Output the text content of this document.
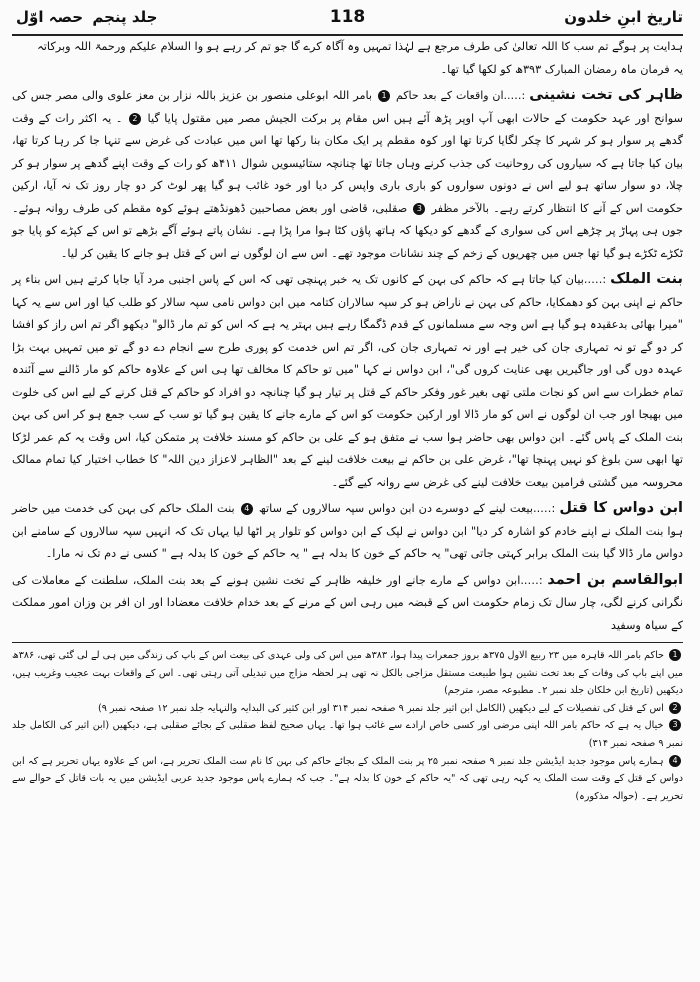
تاریخ ابنِ خلدون
118
جلد پنجم حصہ اوّل

ہدایت پر ہوگے تم سب کا اللہ تعالیٰ کی طرف مرجع ہے لہٰذا تمہیں وہ آگاہ کرے گا جو تم کر رہے ہو وا السلام علیکم ورحمۃ اللہ وبرکاتہ
یہ فرمان ماہ رمضان المبارک ۳۹۳ھ کو لکھا گیا تھا۔

ظاہر کی تخت نشینی :…..ان واقعات کے بعد حاکم 1 بامر اللہ ابوعلی منصور بن عزیز باللہ نزار بن معز علوی والی مصر جس کی سوانح اور عہد حکومت کے حالات ابھی آپ اوپر پڑھ آئے ہیں اس مقام پر برکت الجیش مصر میں مقتول پایا گیا 2 ۔ یہ اکثر رات کے وقت گدھے پر سوار ہو کر شہر کا چکر لگایا کرتا تھا اور کوہ مقطم پر ایک مکان بنا رکھا تھا اس میں عبادت کی غرض سے تنہا جا کر رہا کرتا تھا، بیان کیا جاتا ہے کہ سیاروں کی روحانیت کی جذب کرنے وہاں جاتا تھا چنانچہ ستائیسویں شوال ۴۱۱ھ کو رات کے وقت اپنے گدھے پر سوار ہو کر چلا، دو سوار ساتھ ہو لیے اس نے دونوں سواروں کو باری باری واپس کر دیا اور خود غائب ہو گیا پھر لوٹ کر دو چار روز تک نہ آیا، ارکین حکومت اس کے آنے کا انتظار کرتے رہے۔ بالآخر مظفر 3 صقلبی، قاضی اور بعض مصاحبین ڈھونڈھتے ہوئے کوہ مقطم کی طرف روانہ ہوئے۔ جوں ہی پہاڑ پر چڑھے اس کی سواری کے گدھے کو دیکھا کہ ہاتھ پاؤں کٹا ہوا مرا پڑا ہے۔ نشان پاتے ہوئے آگے بڑھے تو اس کے کپڑے کو پایا جو ٹکڑے ٹکڑے ہو گیا تھا جس میں چھریوں کے زخم کے چند نشانات موجود تھے۔ اس سے ان لوگوں نے اس کے قتل ہو جانے کا یقین کر لیا۔

بنت الملک :…..بیان کیا جاتا ہے کہ حاکم کی بہن کے کانوں تک یہ خبر پہنچی تھی کہ اس کے پاس اجنبی مرد آیا جایا کرتے ہیں اس بناء پر حاکم نے اپنی بہن کو دھمکایا، حاکم کی بہن نے ناراض ہو کر سپہ سالاران کتامہ میں ابن دواس نامی سپہ سالار کو طلب کیا اور اس سے یہ کہا "میرا بھائی بدعقیدہ ہو گیا ہے اس وجہ سے مسلمانوں کے قدم ڈگمگا رہے ہیں بہتر یہ ہے کہ اس کو تم مار ڈالو" دیکھو اگر تم اس راز کو افشا کر دو گے تو نہ تمہاری جان کی خیر ہے اور نہ تمہاری جان کی، اگر تم اس خدمت کو پوری طرح سے انجام دے دو گے تو میں تمہیں بہت بڑا عہدہ دوں گی اور جاگیریں بھی عنایت کروں گی"، ابن دواس نے کہا "میں تو حاکم کا مخالف تھا ہی اس کے علاوہ حاکم کو مار ڈالنے سے آئندہ تمام خطرات سے اس کو نجات ملتی تھی بغیر غور وفکر حاکم کے قتل پر تیار ہو گیا چنانچہ دو افراد کو حاکم کے قتل کرنے کے لیے اس کی خلوت میں بھیجا اور جب ان لوگوں نے اس کو مار ڈالا اور ارکین حکومت کو اس کے مارے جانے کا یقین ہو گیا تو سب کے سب جمع ہو کر اس کی بہن بنت الملک کے پاس گئے۔ ابن دواس بھی حاضر ہوا سب نے متفق ہو کے علی بن حاکم کو مسند خلافت پر متمکن کیا، اس وقت یہ کم عمر لڑکا تھا ابھی سن بلوغ کو نہیں پہنچا تھا"، غرض علی بن حاکم نے بیعت خلافت لینے کے بعد "الظاہر لاعزاز دین اللہ" کا خطاب اختیار کیا تمام ممالک محروسہ میں گشتی فرامین بیعت خلافت لینے کی غرض سے روانہ کیے گئے۔

ابن دواس کا قتل :…..بیعت لینے کے دوسرے دن ابن دواس سپہ سالاروں کے ساتھ 4 بنت الملک حاکم کی بہن کی خدمت میں حاضر ہوا بنت الملک نے اپنے خادم کو اشارہ کر دیا" ابن دواس نے لپک کے ابن دواس کو تلوار پر اٹھا لیا یہاں تک کہ انہیں سپہ سالاروں کے سامنے ابن دواس مار ڈالا گیا بنت الملک برابر کہتی جاتی تھی" یہ حاکم کے خون کا بدلہ ہے " یہ حاکم کے خون کا بدلہ ہے " کسی نے دم تک نہ مارا۔

ابوالقاسم بن احمد :…..ابن دواس کے مارے جانے اور خلیفہ ظاہر کے تخت نشین ہونے کے بعد بنت الملک، سلطنت کے معاملات کی نگرانی کرنے لگی، چار سال تک زمام حکومت اس کے قبضہ میں رہی اس کے مرنے کے بعد خدام خلافت معضادا اور ان افر بن وزان امور مملکت کے سیاہ وسفید

1 حاکم بامر اللہ قاہرہ میں ۲۳ ربیع الاول ۳۷۵ھ بروز جمعرات پیدا ہوا، ۳۸۳ھ میں اس کی ولی عہدی کی بیعت اس کے باپ کی زندگی میں ہی لے لی گئی تھی، ۳۸۶ھ میں اپنے باپ کی وفات کے بعد تخت نشین ہوا طبیعت مستقل مزاجی بالکل نہ تھی ہر لحظہ مزاج میں تبدیلی آتی رہتی تھی۔ اس کے واقعات بہت عجیب وغریب ہیں، دیکھیں (تاریخ ابن خلکان جلد نمبر ۲۔ مطبوعہ مصر، مترجم)

2 اس کے قتل کی تفصیلات کے لیے دیکھیں (الکامل ابن اثیر جلد نمبر ۹ صفحہ نمبر ۳۱۴ اور ابن کثیر کی البدایہ والنہایہ جلد نمبر ۱۲ صفحہ نمبر ۹)

3 خیال یہ ہے کہ حاکم بامر اللہ اپنی مرضی اور کسی خاص ارادے سے غائب ہوا تھا۔ یہاں صحیح لفظ صقلبی کے بجائے صقلبی ہے، دیکھیں (ابن اثیر کی الکامل جلد نمبر ۹ صفحہ نمبر ۳۱۴)

4 ہمارے پاس موجود جدید ایڈیشن جلد نمبر ۹ صفحہ نمبر ۲۵ پر بنت الملک کے بجائے حاکم کی بہن کا نام ست الملک تحریر ہے، اس کے علاوہ یہاں تحریر ہے کہ ابن دواس کے قتل کے وقت ست الملک یہ کہہ رہی تھی کہ "یہ حاکم کے خون کا بدلہ ہے"۔ جب کہ ہمارے پاس موجود جدید عربی ایڈیشن میں یہ بات قاتل کے حوالے سے تحریر ہے۔ (حوالہ مذکورہ)
